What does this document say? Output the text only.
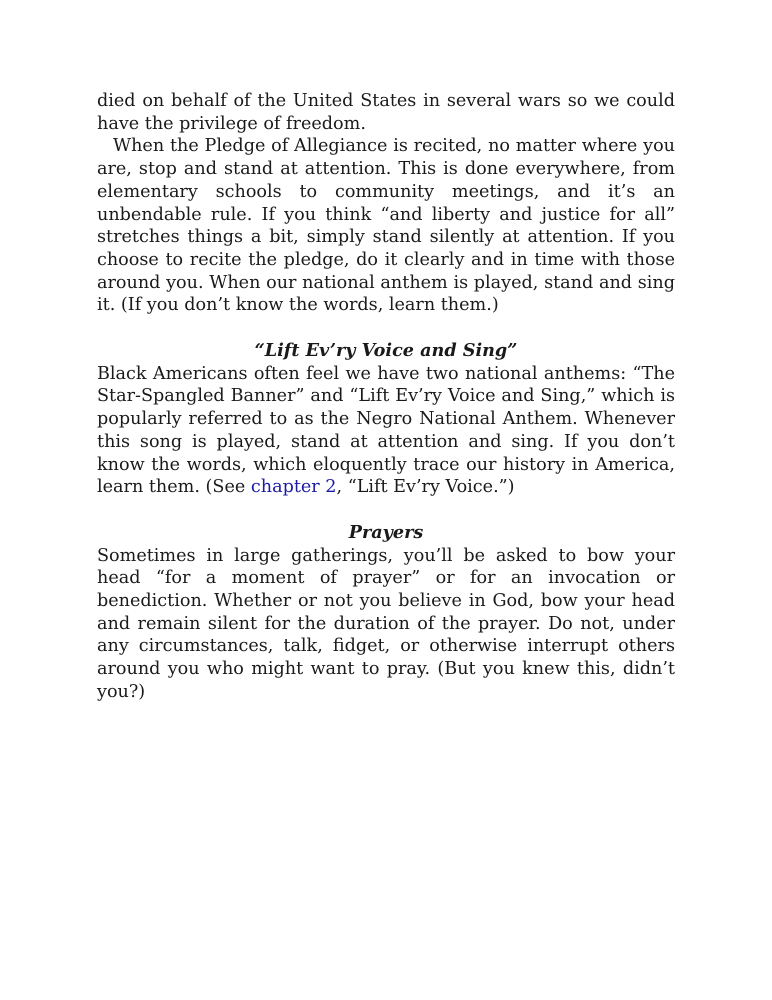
died on behalf of the United States in several wars so we could have the privilege of freedom.

When the Pledge of Allegiance is recited, no matter where you are, stop and stand at attention. This is done everywhere, from elementary schools to community meetings, and it’s an unbendable rule. If you think “and liberty and justice for all” stretches things a bit, simply stand silently at attention. If you choose to recite the pledge, do it clearly and in time with those around you. When our national anthem is played, stand and sing it. (If you don’t know the words, learn them.)

“Lift Ev’ry Voice and Sing”

Black Americans often feel we have two national anthems: “The Star-Spangled Banner” and “Lift Ev’ry Voice and Sing,” which is popularly referred to as the Negro National Anthem. Whenever this song is played, stand at attention and sing. If you don’t know the words, which eloquently trace our history in America, learn them. (See chapter 2, “Lift Ev’ry Voice.”)

Prayers

Sometimes in large gatherings, you’ll be asked to bow your head “for a moment of prayer” or for an invocation or benediction. Whether or not you believe in God, bow your head and remain silent for the duration of the prayer. Do not, under any circumstances, talk, fidget, or otherwise interrupt others around you who might want to pray. (But you knew this, didn’t you?)
